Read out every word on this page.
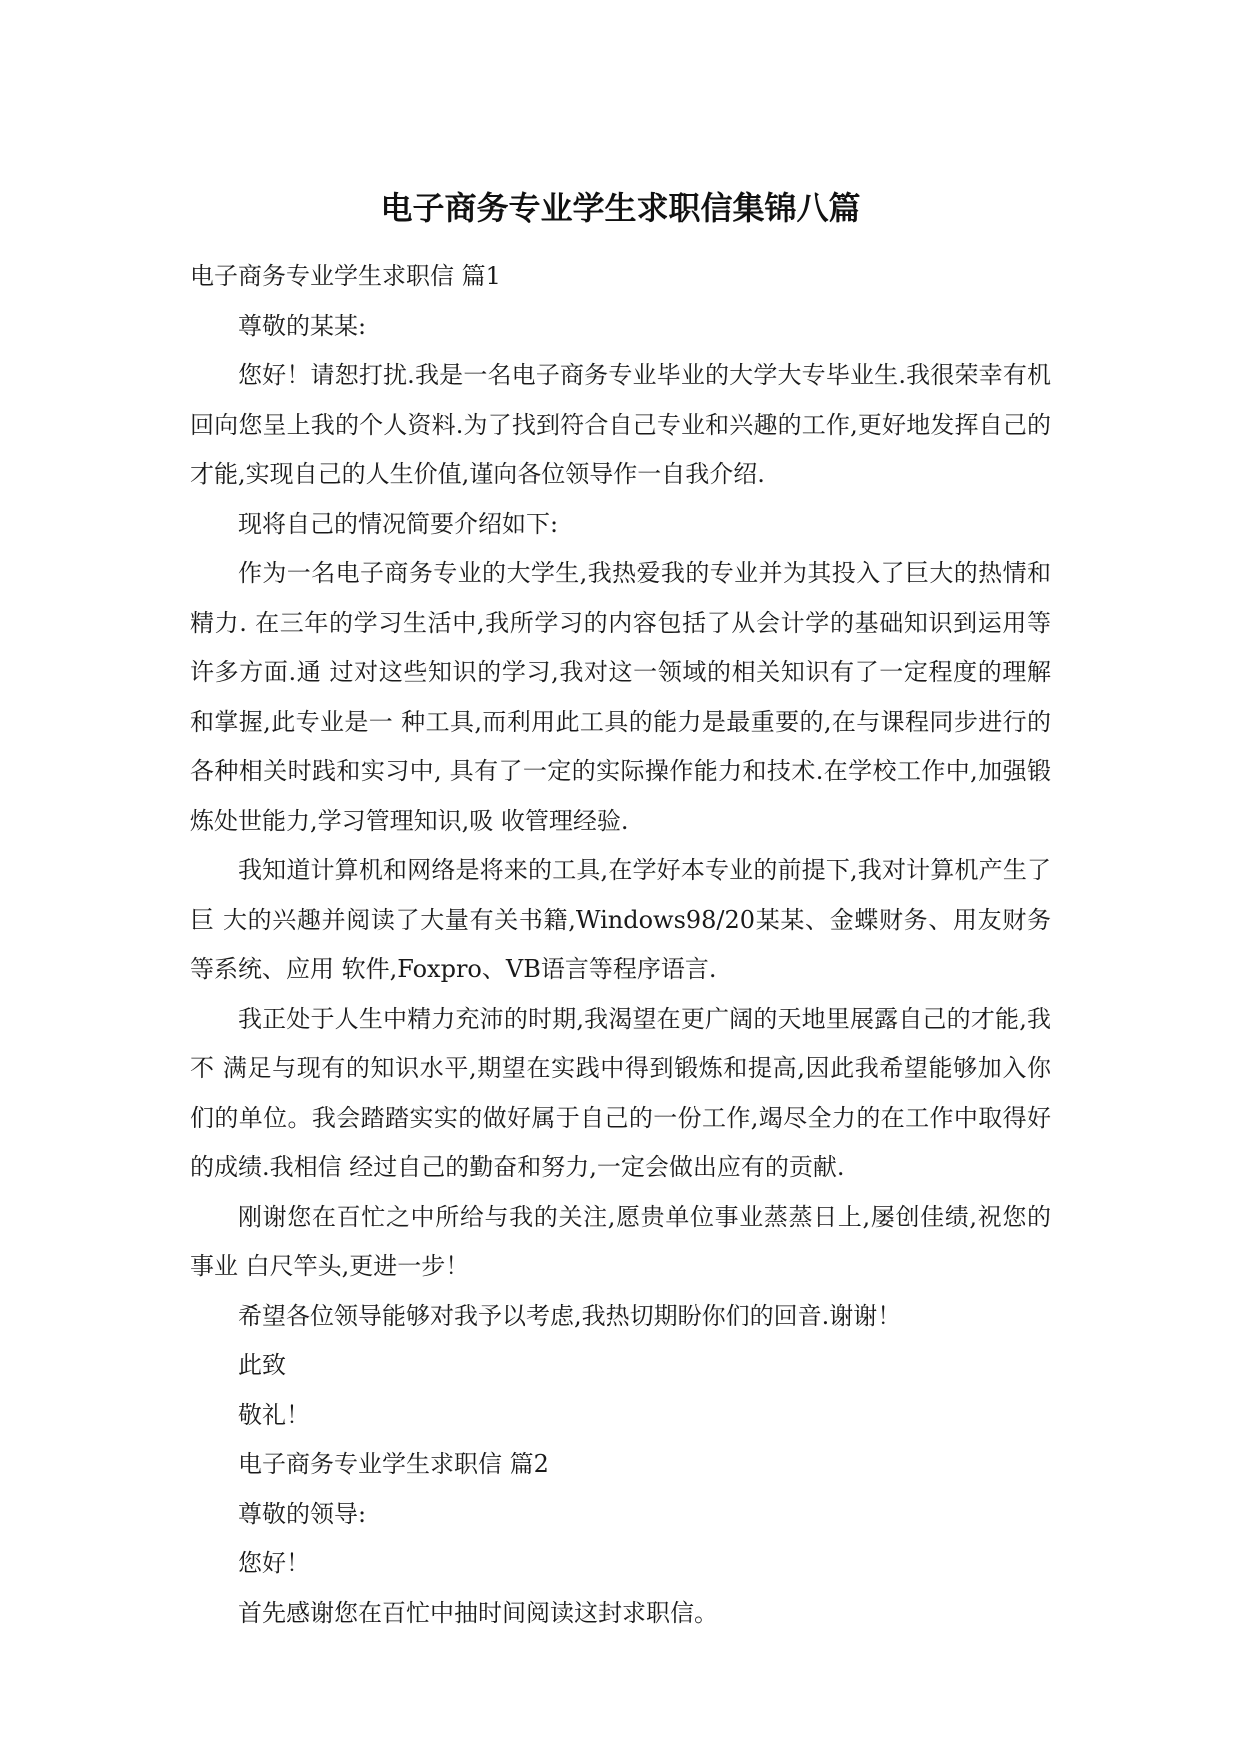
电子商务专业学生求职信集锦八篇

电子商务专业学生求职信 篇1

尊敬的某某:

您好！请恕打扰.我是一名电子商务专业毕业的大学大专毕业生.我很荣幸有机回向您呈上我的个人资料.为了找到符合自己专业和兴趣的工作,更好地发挥自己的才能,实现自己的人生价值,谨向各位领导作一自我介绍.

现将自己的情况简要介绍如下:

作为一名电子商务专业的大学生,我热爱我的专业并为其投入了巨大的热情和精力. 在三年的学习生活中,我所学习的内容包括了从会计学的基础知识到运用等许多方面.通 过对这些知识的学习,我对这一领域的相关知识有了一定程度的理解和掌握,此专业是一 种工具,而利用此工具的能力是最重要的,在与课程同步进行的各种相关时践和实习中, 具有了一定的实际操作能力和技术.在学校工作中,加强锻炼处世能力,学习管理知识,吸 收管理经验.

我知道计算机和网络是将来的工具,在学好本专业的前提下,我对计算机产生了巨 大的兴趣并阅读了大量有关书籍,Windows98/20某某、金蝶财务、用友财务等系统、应用 软件,Foxpro、VB语言等程序语言.

我正处于人生中精力充沛的时期,我渴望在更广阔的天地里展露自己的才能,我不 满足与现有的知识水平,期望在实践中得到锻炼和提高,因此我希望能够加入你们的单位。我会踏踏实实的做好属于自己的一份工作,竭尽全力的在工作中取得好的成绩.我相信 经过自己的勤奋和努力,一定会做出应有的贡献.

刚谢您在百忙之中所给与我的关注,愿贵单位事业蒸蒸日上,屡创佳绩,祝您的事业 白尺竿头,更进一步！

希望各位领导能够对我予以考虑,我热切期盼你们的回音.谢谢！

此致

敬礼！

电子商务专业学生求职信 篇2

尊敬的领导:

您好！

首先感谢您在百忙中抽时间阅读这封求职信。
